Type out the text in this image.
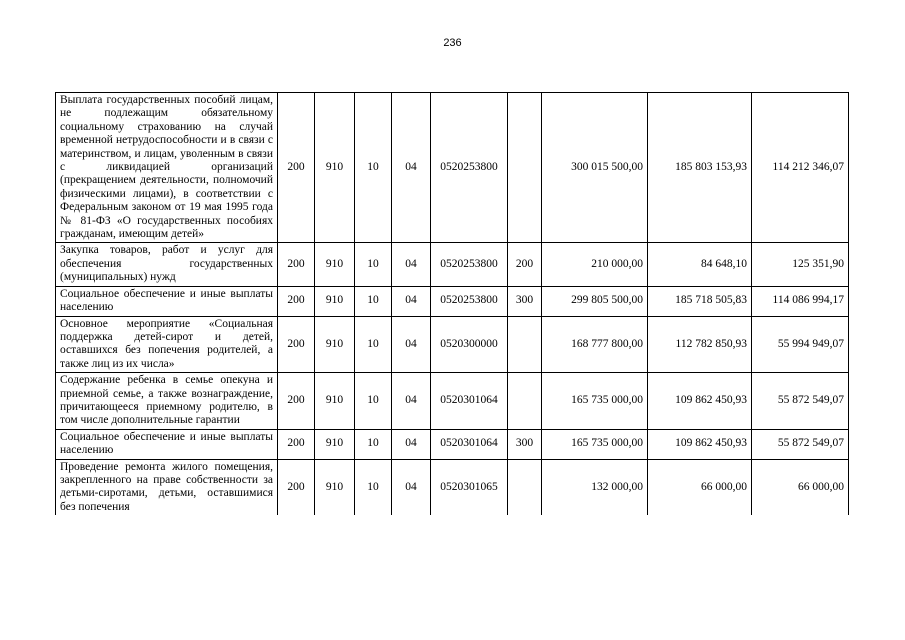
236
Выплата государственных пособий лицам, не подлежащим обязательному социальному страхованию на случай временной нетрудоспособности и в связи с материнством, и лицам, уволенным в связи с ликвидацией организаций (прекращением деятельности, полномочий физическими лицами), в соответствии с Федеральным законом от 19 мая 1995 года № 81-ФЗ «О государственных пособиях гражданам, имеющим детей»	200	910	10	04	0520253800		300 015 500,00	185 803 153,93	114 212 346,07
Закупка товаров, работ и услуг для обеспечения государственных (муниципальных) нужд	200	910	10	04	0520253800	200	210 000,00	84 648,10	125 351,90
Социальное обеспечение и иные выплаты населению	200	910	10	04	0520253800	300	299 805 500,00	185 718 505,83	114 086 994,17
Основное мероприятие «Социальная поддержка детей-сирот и детей, оставшихся без попечения родителей, а также лиц из их числа»	200	910	10	04	0520300000		168 777 800,00	112 782 850,93	55 994 949,07
Содержание ребенка в семье опекуна и приемной семье, а также вознаграждение, причитающееся приемному родителю, в том числе дополнительные гарантии	200	910	10	04	0520301064		165 735 000,00	109 862 450,93	55 872 549,07
Социальное обеспечение и иные выплаты населению	200	910	10	04	0520301064	300	165 735 000,00	109 862 450,93	55 872 549,07
Проведение ремонта жилого помещения, закрепленного на праве собственности за детьми-сиротами, детьми, оставшимися без попечения	200	910	10	04	0520301065		132 000,00	66 000,00	66 000,00
